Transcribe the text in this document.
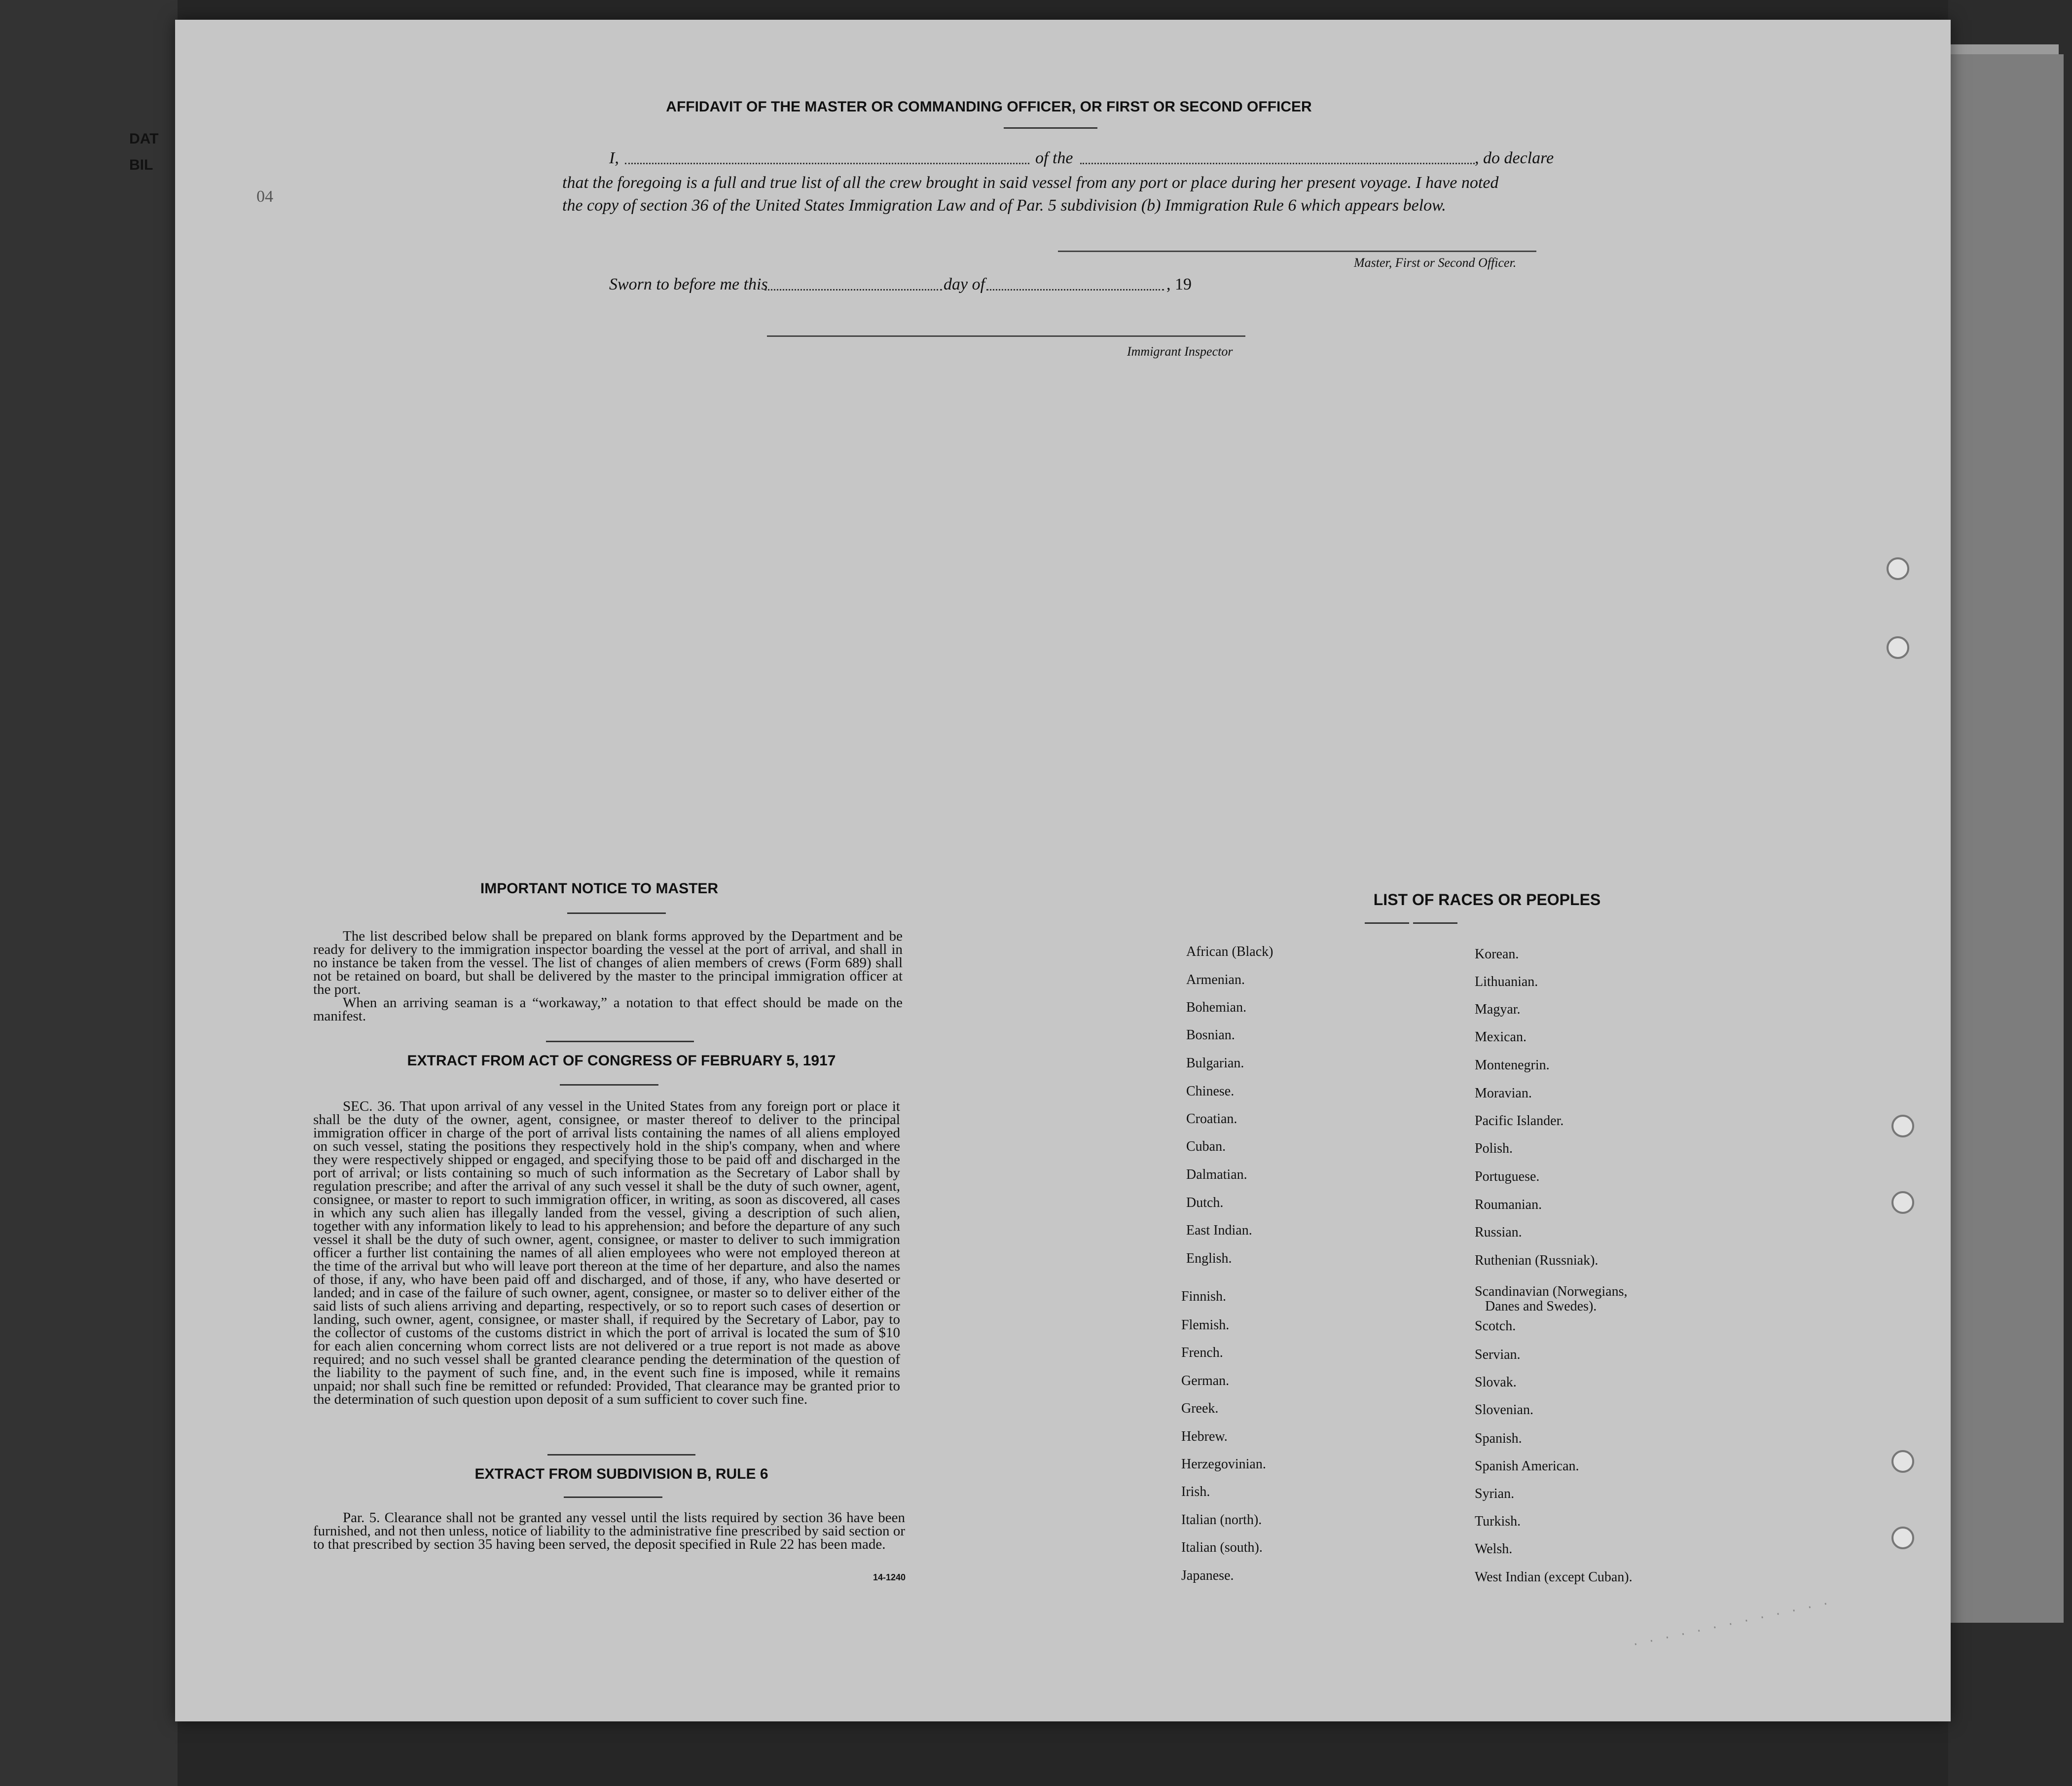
DAT
BIL
04
AFFIDAVIT OF THE MASTER OR COMMANDING OFFICER, OR FIRST OR SECOND OFFICER
I,	of the	, do declare
that the foregoing is a full and true list of all the crew brought in said vessel from any port or place during her present voyage. I have noted
the copy of section 36 of the United States Immigration Law and of Par. 5 subdivision (b) Immigration Rule 6 which appears below.
Master, First or Second Officer.
Sworn to before me this	day of	, 19
Immigrant Inspector
IMPORTANT NOTICE TO MASTER

The list described below shall be prepared on blank forms approved by the Department and be ready for delivery to the immigration inspector boarding the vessel at the port of arrival, and shall in no instance be taken from the vessel. The list of changes of alien members of crews (Form 689) shall not be retained on board, but shall be delivered by the master to the principal immigration officer at the port.

When an arriving seaman is a “workaway,” a notation to that effect should be made on the manifest.

EXTRACT FROM ACT OF CONGRESS OF FEBRUARY 5, 1917

SEC. 36. That upon arrival of any vessel in the United States from any foreign port or place it shall be the duty of the owner, agent, consignee, or master thereof to deliver to the principal immigration officer in charge of the port of arrival lists containing the names of all aliens employed on such vessel, stating the positions they respectively hold in the ship's company, when and where they were respectively shipped or engaged, and specifying those to be paid off and discharged in the port of arrival; or lists containing so much of such information as the Secretary of Labor shall by regulation prescribe; and after the arrival of any such vessel it shall be the duty of such owner, agent, consignee, or master to report to such immigration officer, in writing, as soon as discovered, all cases in which any such alien has illegally landed from the vessel, giving a description of such alien, together with any information likely to lead to his apprehension; and before the departure of any such vessel it shall be the duty of such owner, agent, consignee, or master to deliver to such immigration officer a further list containing the names of all alien employees who were not employed thereon at the time of the arrival but who will leave port thereon at the time of her departure, and also the names of those, if any, who have been paid off and discharged, and of those, if any, who have deserted or landed; and in case of the failure of such owner, agent, consignee, or master so to deliver either of the said lists of such aliens arriving and departing, respectively, or so to report such cases of desertion or landing, such owner, agent, consignee, or master shall, if required by the Secretary of Labor, pay to the collector of customs of the customs district in which the port of arrival is located the sum of $10 for each alien concerning whom correct lists are not delivered or a true report is not made as above required; and no such vessel shall be granted clearance pending the determination of the question of the liability to the payment of such fine, and, in the event such fine is imposed, while it remains unpaid; nor shall such fine be remitted or refunded: Provided, That clearance may be granted prior to the determination of such question upon deposit of a sum sufficient to cover such fine.

EXTRACT FROM SUBDIVISION B, RULE 6

Par. 5. Clearance shall not be granted any vessel until the lists required by section 36 have been furnished, and not then unless, notice of liability to the administrative fine prescribed by said section or to that prescribed by section 35 having been served, the deposit specified in Rule 22 has been made.

14-1240
LIST OF RACES OR PEOPLES
· · · · · · · · · · · · ·
African (Black)
Armenian.
Bohemian.
Bosnian.
Bulgarian.
Chinese.
Croatian.
Cuban.
Dalmatian.
Dutch.
East Indian.
English.
Finnish.
Flemish.
French.
German.
Greek.
Hebrew.
Herzegovinian.
Irish.
Italian (north).
Italian (south).
Japanese.
Korean.
Lithuanian.
Magyar.
Mexican.
Montenegrin.
Moravian.
Pacific Islander.
Polish.
Portuguese.
Roumanian.
Russian.
Ruthenian (Russniak).
Scandinavian (Norwegians,
Danes and Swedes).
Scotch.
Servian.
Slovak.
Slovenian.
Spanish.
Spanish American.
Syrian.
Turkish.
Welsh.
West Indian (except Cuban).
